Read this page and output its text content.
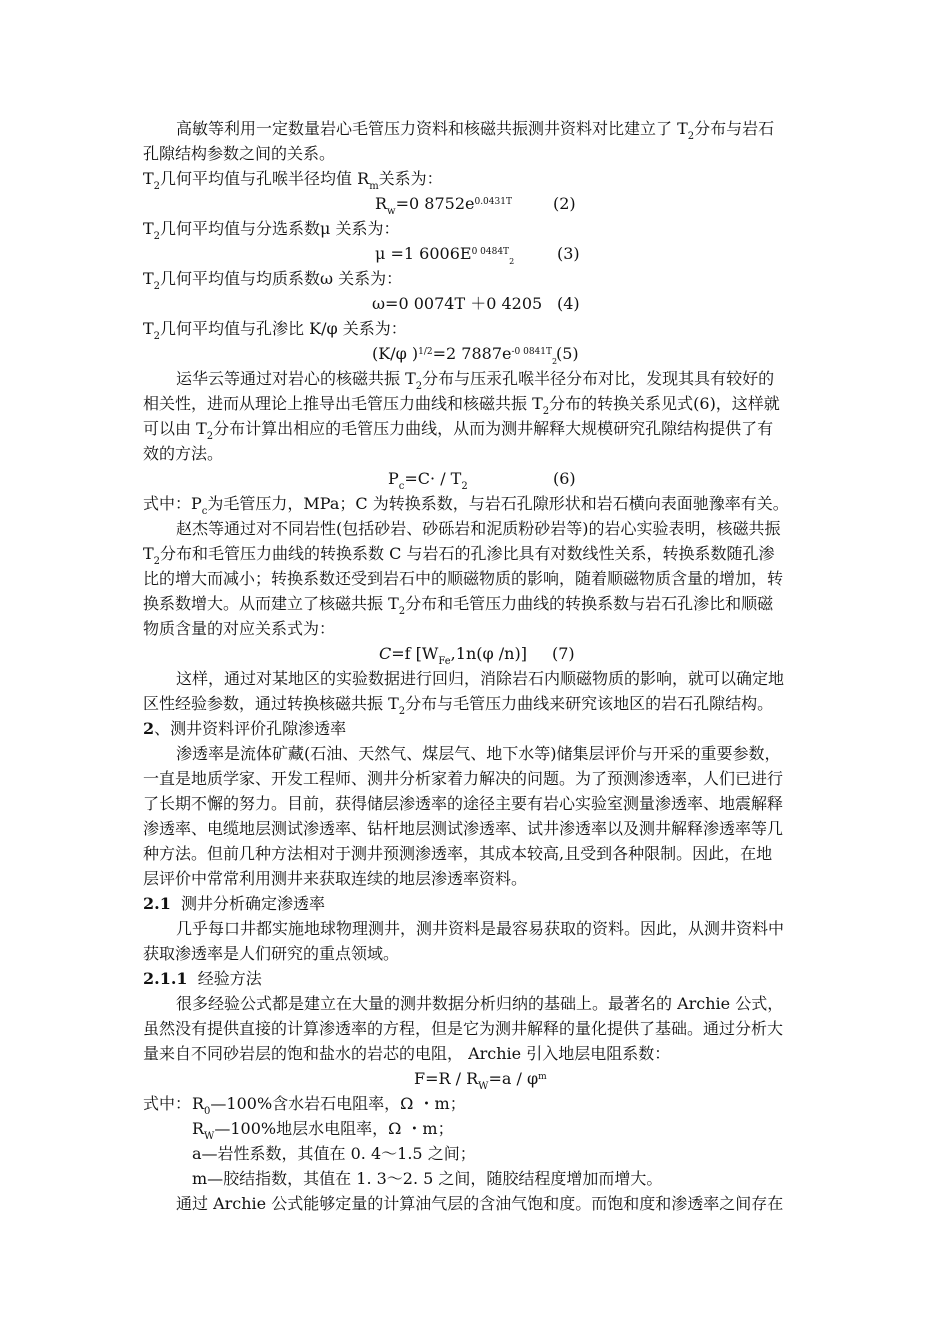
高敏等利用一定数量岩心毛管压力资料和核磁共振测井资料对比建立了 $T_2$分布与岩石
孔隙结构参数之间的关系。
$T_2$几何平均值与孔喉半径均值 $R_m$关系为：
$R_w=0$ $8752e^{0.0431T}$	(2)
$T_2$几何平均值与分选系数μ 关系为：
μ =1 $6006E^{0 0484T}_2$	(3)
$T_2$几何平均值与均质系数ω 关系为：
ω=0 0074T ＋0 4205 (4)
$T_2$几何平均值与孔渗比 K/φ 关系为：
(K/φ )$^{1/2}$=2 $7887e^{-0 0841T}_2$
(5)
运华云等通过对岩心的核磁共振 $T_2$分布与压汞孔喉半径分布对比，发现其具有较好的
相关性，进而从理论上推导出毛管压力曲线和核磁共振 $T_2$分布的转换关系见式(6)，这样就
可以由 $T_2$分布计算出相应的毛管压力曲线，从而为测井解释大规模研究孔隙结构提供了有
效的方法。
$P_c=C\cdot / T_2$	(6)
式中：$P_c$为毛管压力，MPa；C 为转换系数，与岩石孔隙形状和岩石横向表面驰豫率有关。
赵杰等通过对不同岩性(包括砂岩、砂砾岩和泥质粉砂岩等)的岩心实验表明，核磁共振
$T_2$分布和毛管压力曲线的转换系数 C 与岩石的孔渗比具有对数线性关系，转换系数随孔渗
比的增大而减小；转换系数还受到岩石中的顺磁物质的影响，随着顺磁物质含量的增加，转
换系数增大。从而建立了核磁共振 $T_2$分布和毛管压力曲线的转换系数与岩石孔渗比和顺磁
物质含量的对应关系式为：
C=f [$W_{Fe},1n(\varphi$ /n)] (7)
这样，通过对某地区的实验数据进行回归，消除岩石内顺磁物质的影响，就可以确定地
区性经验参数，通过转换核磁共振 $T_2$分布与毛管压力曲线来研究该地区的岩石孔隙结构。
2、测井资料评价孔隙渗透率
渗透率是流体矿藏(石油、天然气、煤层气、地下水等)储集层评价与开采的重要参数，
一直是地质学家、开发工程师、测井分析家着力解决的问题。为了预测渗透率，人们已进行
了长期不懈的努力。目前，获得储层渗透率的途径主要有岩心实验室测量渗透率、地震解释
渗透率、电缆地层测试渗透率、钻杆地层测试渗透率、试井渗透率以及测井解释渗透率等几
种方法。但前几种方法相对于测井预测渗透率，其成本较高,且受到各种限制。因此，在地
层评价中常常利用测井来获取连续的地层渗透率资料。
2.1 测井分析确定渗透率
几乎每口井都实施地球物理测井，测井资料是最容易获取的资料。因此，从测井资料中
获取渗透率是人们研究的重点领域。
2.1.1 经验方法
很多经验公式都是建立在大量的测井数据分析归纳的基础上。最著名的 Archie 公式，
虽然没有提供直接的计算渗透率的方程，但是它为测井解释的量化提供了基础。通过分析大
量来自不同砂岩层的饱和盐水的岩芯的电阻， Archie 引入地层电阻系数：
$F=R / R_W=a / \varphi^m$
式中： $R_0—100\%$含水岩石电阻率，Ω ・m；
$R_W—100\%$地层水电阻率，Ω ・m；
a—岩性系数，其值在 0. 4～1.5 之间；
m—胶结指数，其值在 1. 3～2. 5 之间，随胶结程度增加而增大。
通过 Archie 公式能够定量的计算油气层的含油气饱和度。而饱和度和渗透率之间存在
